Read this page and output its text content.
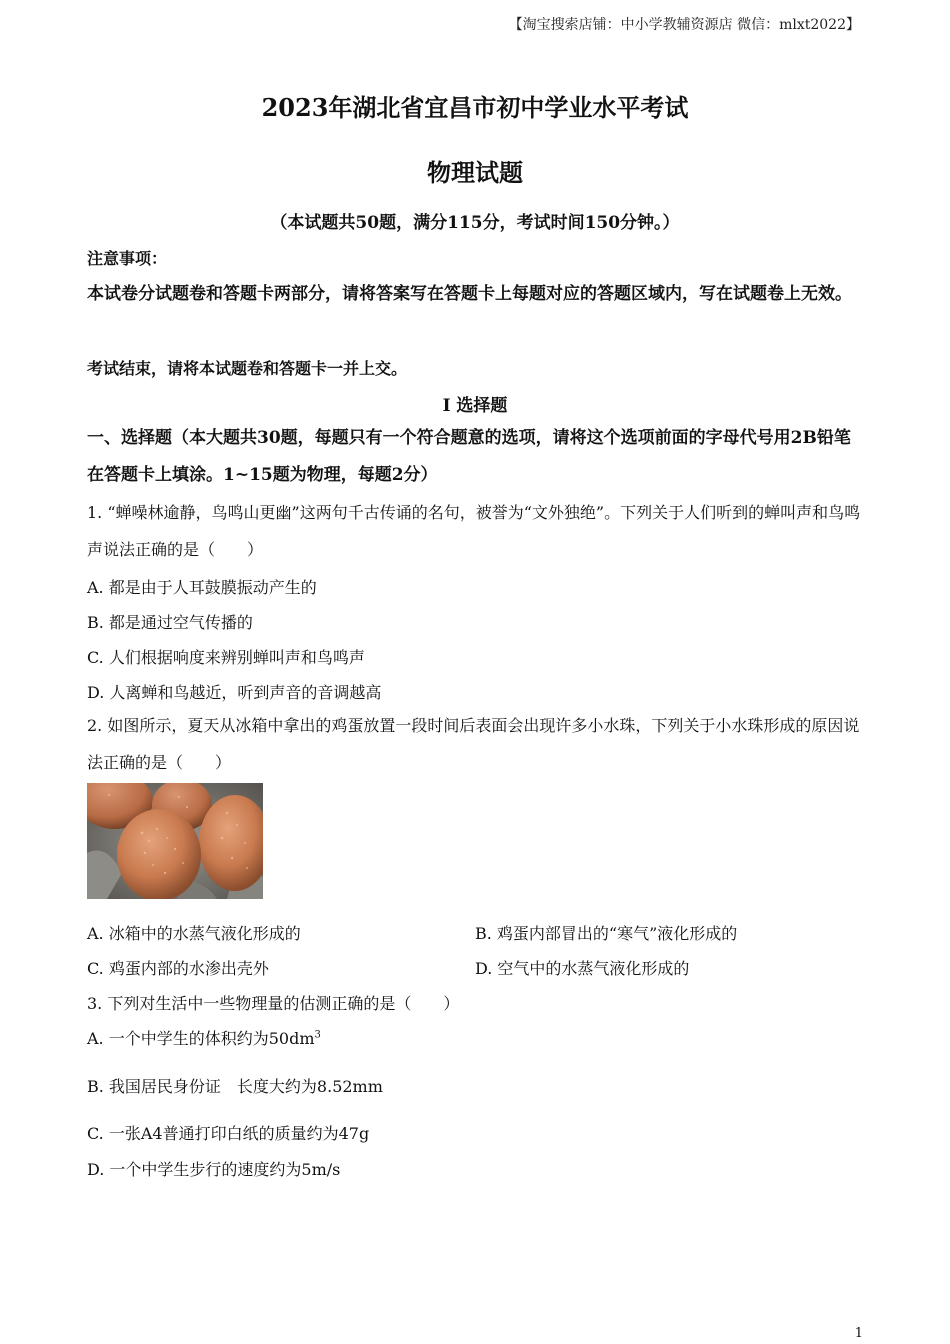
【淘宝搜索店铺：中小学教辅资源店 微信：mlxt2022】
2023年湖北省宜昌市初中学业水平考试
物理试题
（本试题共50题，满分115分，考试时间150分钟。）
注意事项：
本试卷分试题卷和答题卡两部分，请将答案写在答题卡上每题对应的答题区域内，写在试题卷上无效。
考试结束，请将本试题卷和答题卡一并上交。
I 选择题
一、选择题（本大题共30题，每题只有一个符合题意的选项，请将这个选项前面的字母代号用2B铅笔在答题卡上填涂。1~15题为物理，每题2分）
1. “蝉噪林逾静，鸟鸣山更幽”这两句千古传诵的名句，被誉为“文外独绝”。下列关于人们听到的蝉叫声和鸟鸣声说法正确的是（　　）
A. 都是由于人耳鼓膜振动产生的
B. 都是通过空气传播的
C. 人们根据响度来辨别蝉叫声和鸟鸣声
D. 人离蝉和鸟越近，听到声音的音调越高
2. 如图所示，夏天从冰箱中拿出的鸡蛋放置一段时间后表面会出现许多小水珠，下列关于小水珠形成的原因说法正确的是（　　）
A. 冰箱中的水蒸气液化形成的	B. 鸡蛋内部冒出的“寒气”液化形成的
C. 鸡蛋内部的水渗出壳外	D. 空气中的水蒸气液化形成的
3. 下列对生活中一些物理量的估测正确的是（　　）
A. 一个中学生的体积约为$50dm^3$
B. 我国居民身份证　长度大约为8.52mm
C. 一张A4普通打印白纸的质量约为47g
D. 一个中学生步行的速度约为5m/s
1
